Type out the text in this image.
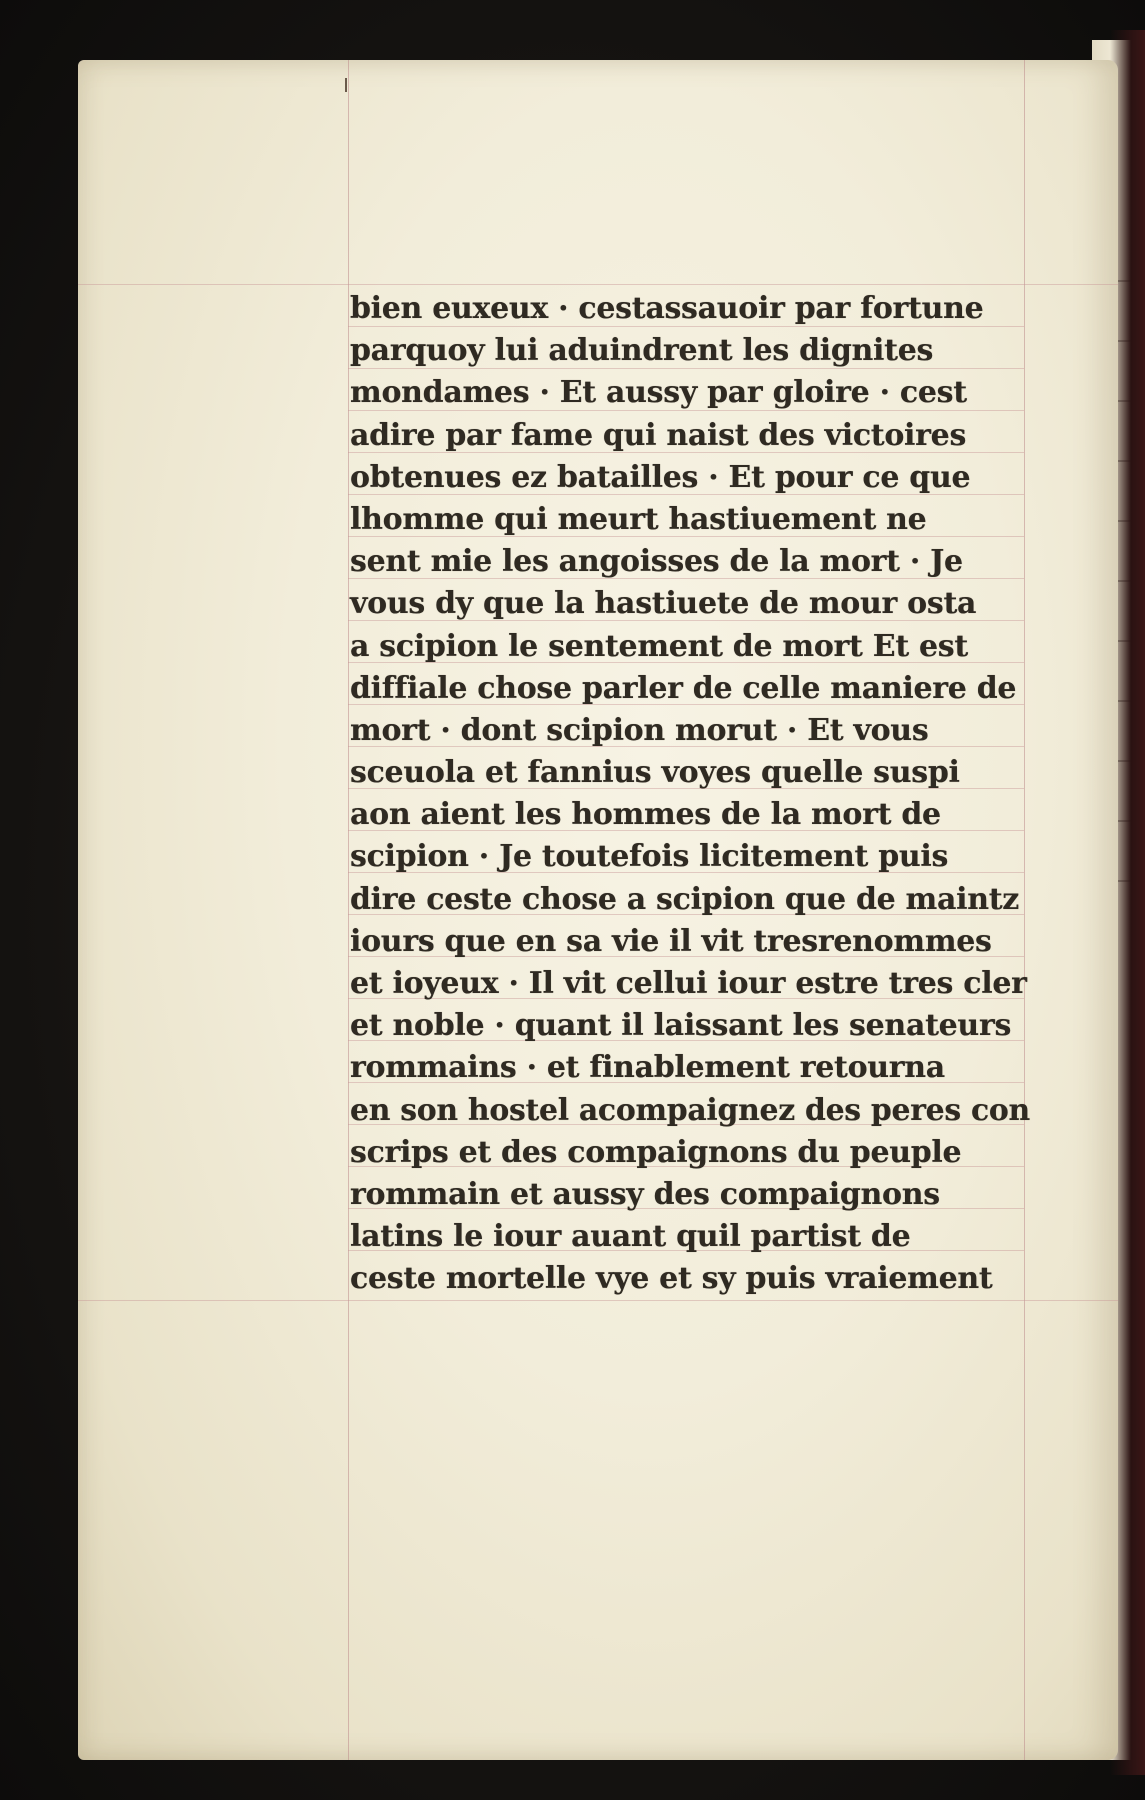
bien euxeux · cestassauoir par fortune
parquoy lui aduindrent les dignites
mondames · Et aussy par gloire · cest
adire par fame qui naist des victoires
obtenues ez batailles · Et pour ce que
lhomme qui meurt hastiuement ne
sent mie les angoisses de la mort · Je
vous dy que la hastiuete de mour osta
a scipion le sentement de mort Et est
diffiale chose parler de celle maniere de
mort · dont scipion morut · Et vous
sceuola et fannius voyes quelle suspi
aon aient les hommes de la mort de
scipion · Je toutefois licitement puis
dire ceste chose a scipion que de maintz
iours que en sa vie il vit tresrenommes
et ioyeux · Il vit cellui iour estre tres cler
et noble · quant il laissant les senateurs
rommains · et finablement retourna
en son hostel acompaignez des peres con
scrips et des compaignons du peuple
rommain et aussy des compaignons
latins le iour auant quil partist de
ceste mortelle vye et sy puis vraiement
